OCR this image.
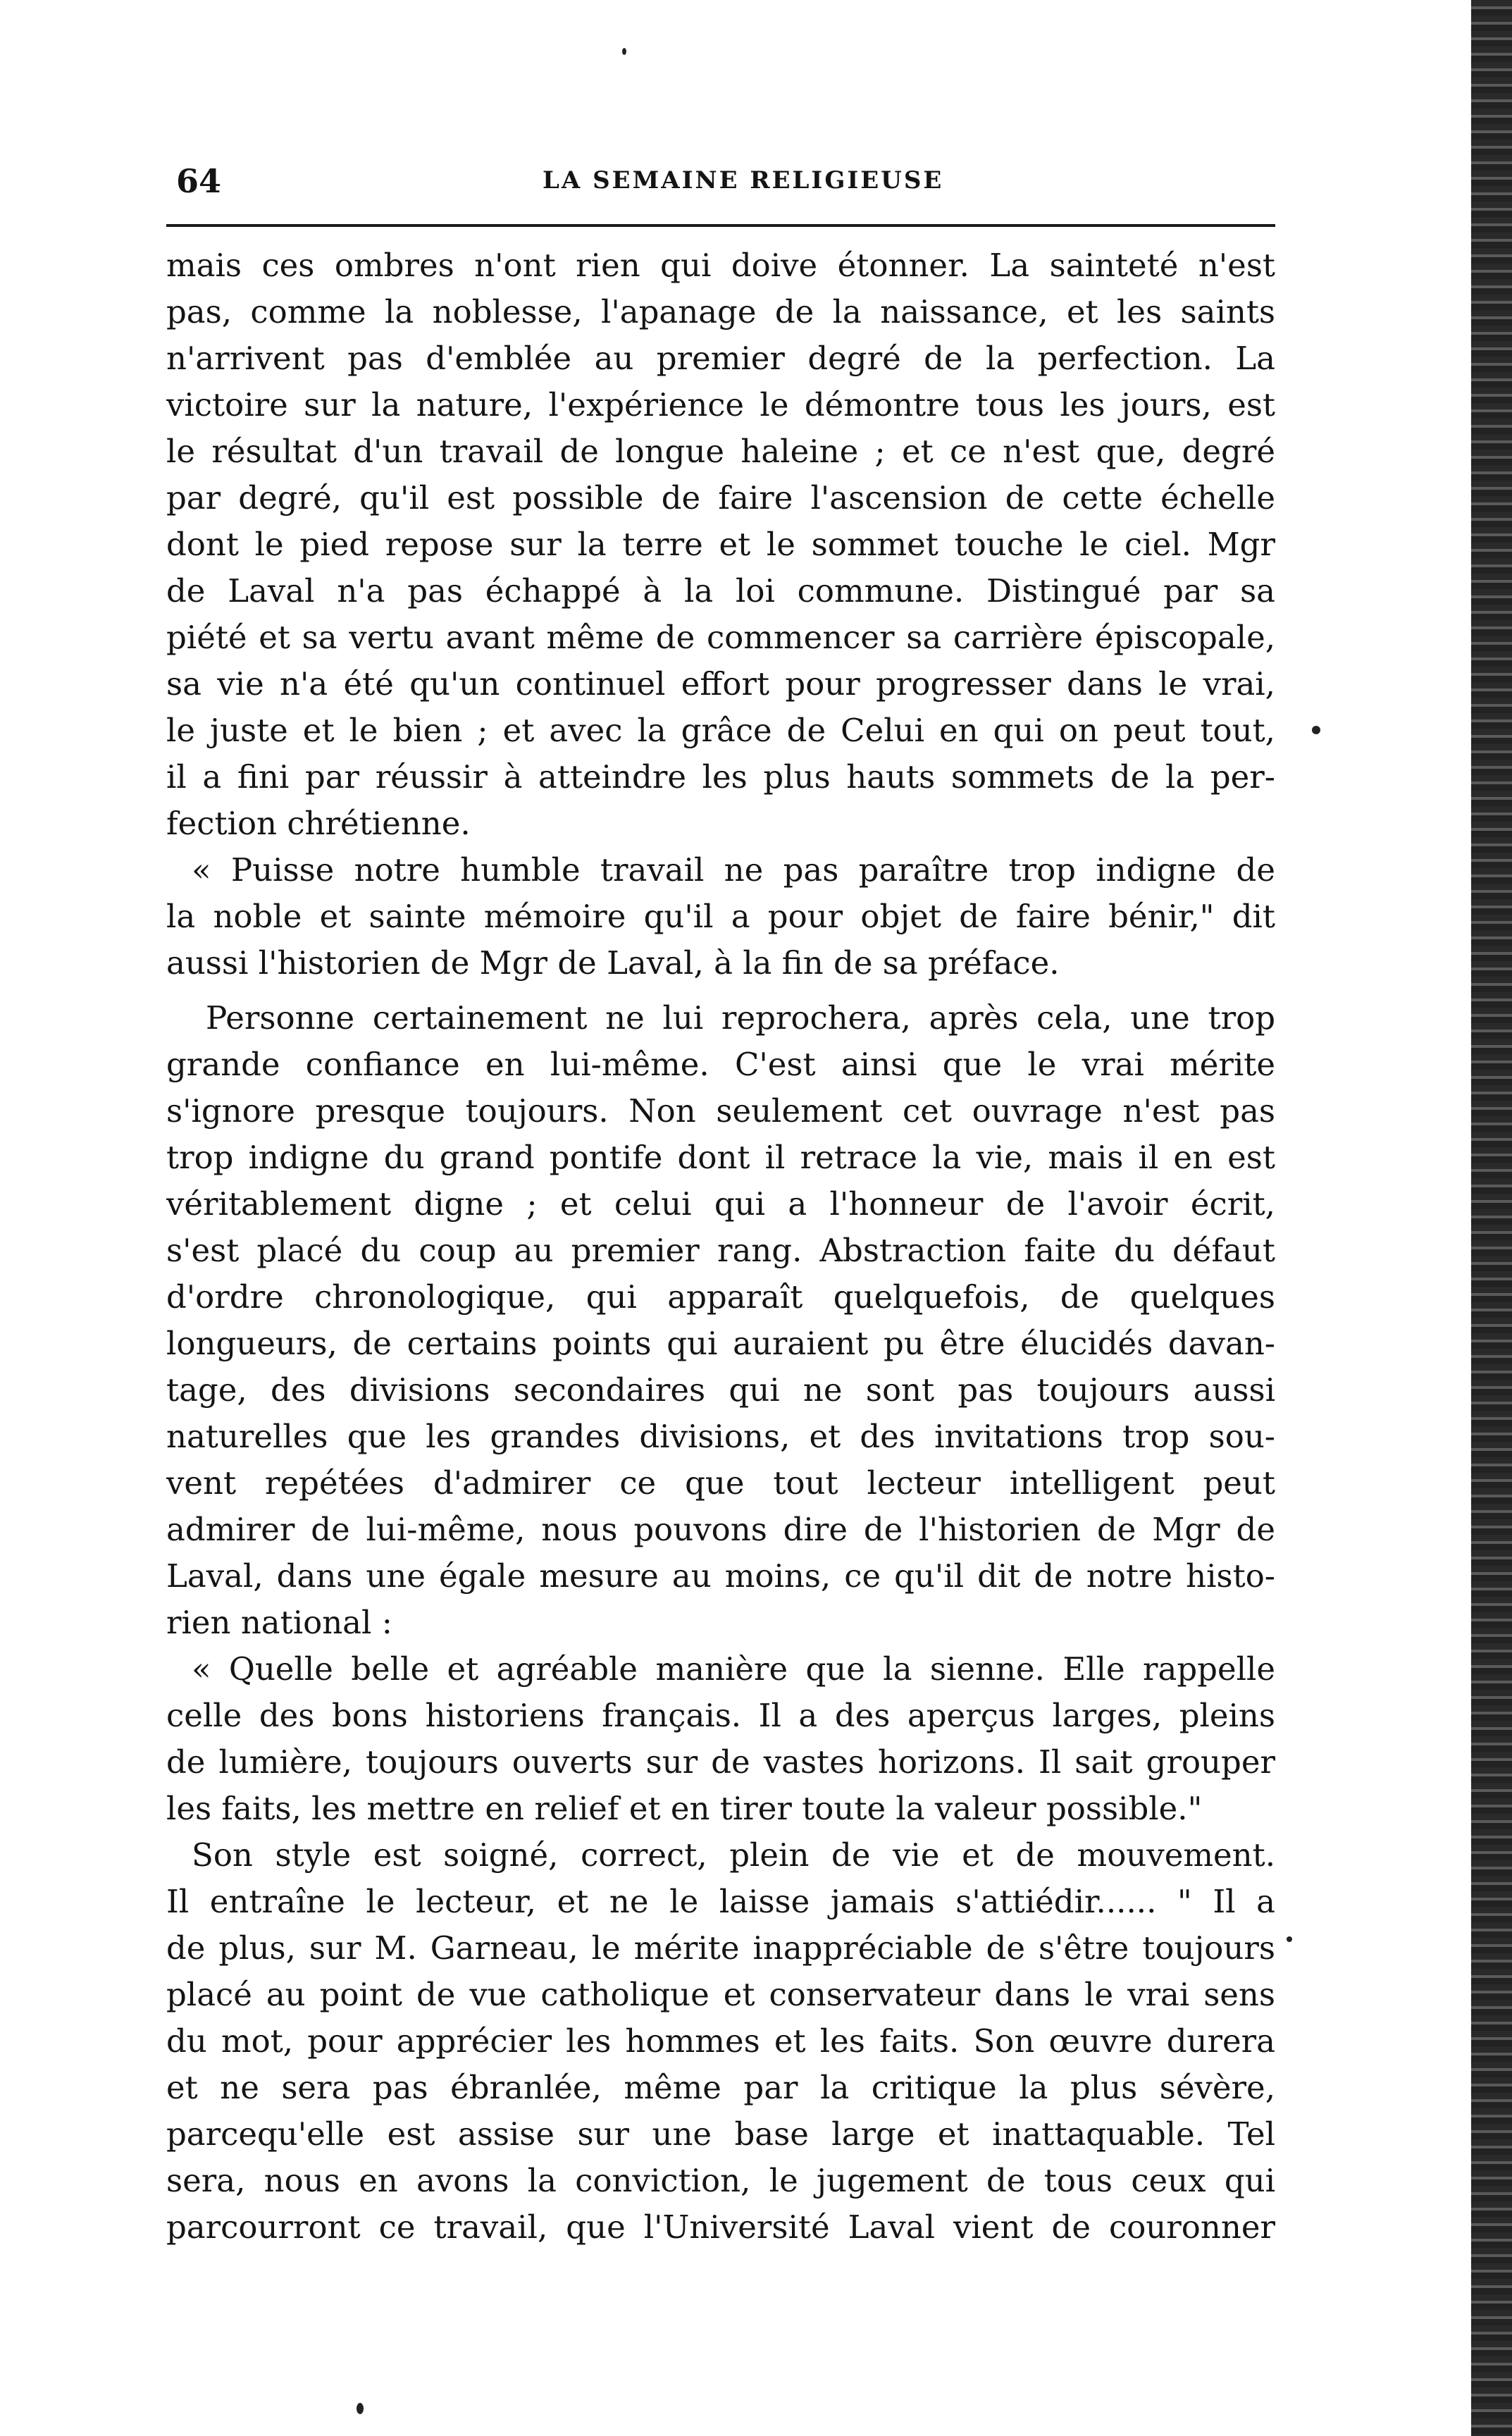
64	LA SEMAINE RELIGIEUSE
mais ces ombres n'ont rien qui doive étonner. La sainteté n'est
pas, comme la noblesse, l'apanage de la naissance, et les saints
n'arrivent pas d'emblée au premier degré de la perfection. La
victoire sur la nature, l'expérience le démontre tous les jours, est
le résultat d'un travail de longue haleine ; et ce n'est que, degré
par degré, qu'il est possible de faire l'ascension de cette échelle
dont le pied repose sur la terre et le sommet touche le ciel. Mgr
de Laval n'a pas échappé à la loi commune. Distingué par sa
piété et sa vertu avant même de commencer sa carrière épiscopale,
sa vie n'a été qu'un continuel effort pour progresser dans le vrai,
le juste et le bien ; et avec la grâce de Celui en qui on peut tout,
il a fini par réussir à atteindre les plus hauts sommets de la per-
fection chrétienne.
« Puisse notre humble travail ne pas paraître trop indigne de
la noble et sainte mémoire qu'il a pour objet de faire bénir," dit
aussi l'historien de Mgr de Laval, à la fin de sa préface.
Personne certainement ne lui reprochera, après cela, une trop
grande confiance en lui-même. C'est ainsi que le vrai mérite
s'ignore presque toujours. Non seulement cet ouvrage n'est pas
trop indigne du grand pontife dont il retrace la vie, mais il en est
véritablement digne ; et celui qui a l'honneur de l'avoir écrit,
s'est placé du coup au premier rang. Abstraction faite du défaut
d'ordre chronologique, qui apparaît quelquefois, de quelques
longueurs, de certains points qui auraient pu être élucidés davan-
tage, des divisions secondaires qui ne sont pas toujours aussi
naturelles que les grandes divisions, et des invitations trop sou-
vent repétées d'admirer ce que tout lecteur intelligent peut
admirer de lui-même, nous pouvons dire de l'historien de Mgr de
Laval, dans une égale mesure au moins, ce qu'il dit de notre histo-
rien national :
« Quelle belle et agréable manière que la sienne. Elle rappelle
celle des bons historiens français. Il a des aperçus larges, pleins
de lumière, toujours ouverts sur de vastes horizons. Il sait grouper
les faits, les mettre en relief et en tirer toute la valeur possible."
Son style est soigné, correct, plein de vie et de mouvement.
Il entraîne le lecteur, et ne le laisse jamais s'attiédir...... " Il a
de plus, sur M. Garneau, le mérite inappréciable de s'être toujours
placé au point de vue catholique et conservateur dans le vrai sens
du mot, pour apprécier les hommes et les faits. Son œuvre durera
et ne sera pas ébranlée, même par la critique la plus sévère,
parcequ'elle est assise sur une base large et inattaquable. Tel
sera, nous en avons la conviction, le jugement de tous ceux qui
parcourront ce travail, que l'Université Laval vient de couronner
